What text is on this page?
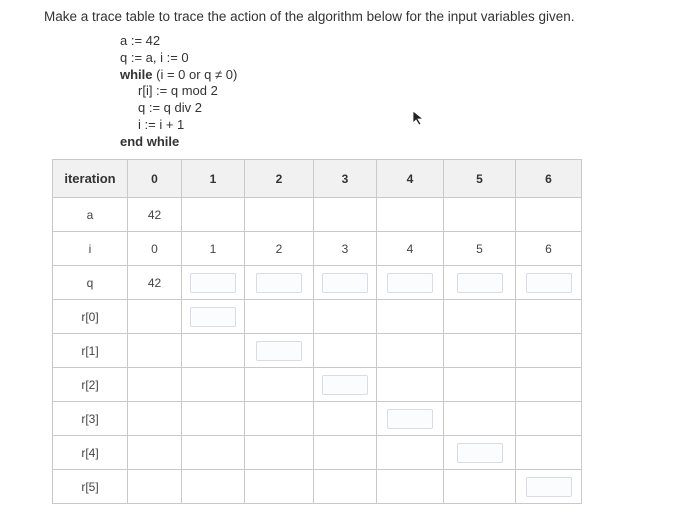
Make a trace table to trace the action of the algorithm below for the input variables given.
a := 42
q := a, i := 0
while (i = 0 or q ≠ 0)
r[i] := q mod 2
q := q div 2
i := i + 1
end while
iteration	0	1	2	3	4	5	6
a	42						
i	0	1	2	3	4	5	6
q	42						
r[0]							
r[1]							
r[2]							
r[3]							
r[4]							
r[5]							
